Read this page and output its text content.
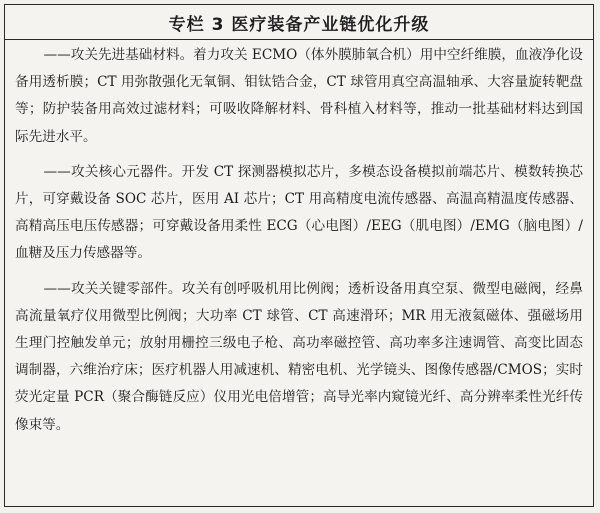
专栏 3 医疗装备产业链优化升级

——攻关先进基础材料。着力攻关 ECMO（体外膜肺氧合机）用中空纤维膜，血液净化设备用透析膜；CT 用弥散强化无氧铜、钼钛锆合金，CT 球管用真空高温轴承、大容量旋转靶盘等；防护装备用高效过滤材料；可吸收降解材料、骨科植入材料等，推动一批基础材料达到国际先进水平。

——攻关核心元器件。开发 CT 探测器模拟芯片，多模态设备模拟前端芯片、模数转换芯片，可穿戴设备 SOC 芯片，医用 AI 芯片；CT 用高精度电流传感器、高温高精温度传感器、高精高压电压传感器；可穿戴设备用柔性 ECG（心电图）/EEG（肌电图）/EMG（脑电图）/血糖及压力传感器等。

——攻关关键零部件。攻关有创呼吸机用比例阀；透析设备用真空泵、微型电磁阀，经鼻高流量氧疗仪用微型比例阀；大功率 CT 球管、CT 高速滑环；MR 用无液氦磁体、强磁场用生理门控触发单元；放射用栅控三级电子枪、高功率磁控管、高功率多注速调管、高变比固态调制器，六维治疗床；医疗机器人用减速机、精密电机、光学镜头、图像传感器/CMOS；实时荧光定量 PCR（聚合酶链反应）仪用光电倍增管；高导光率内窥镜光纤、高分辨率柔性光纤传像束等。
